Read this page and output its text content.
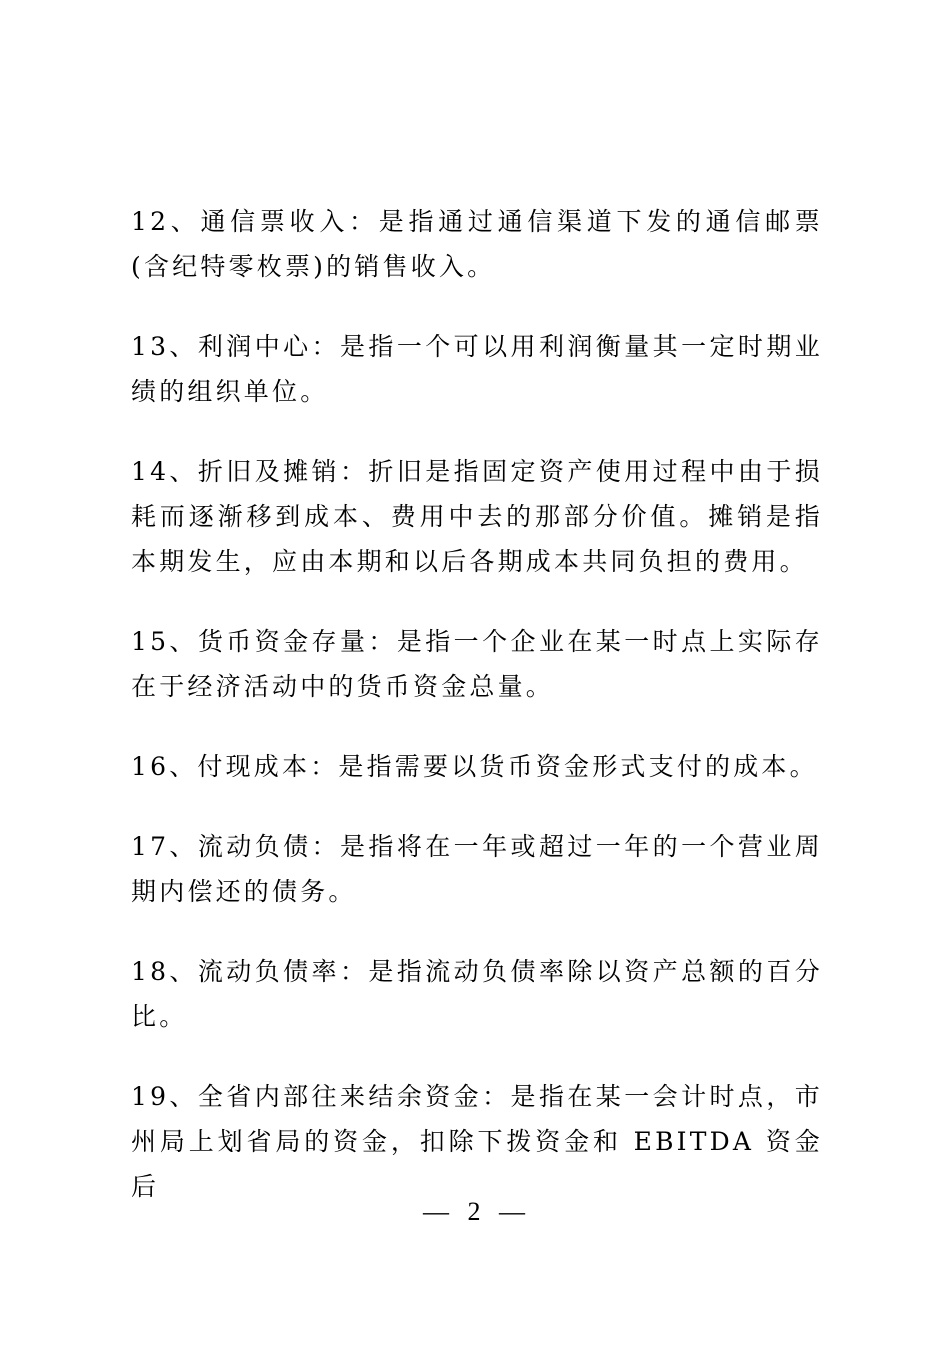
12、通信票收入：是指通过通信渠道下发的通信邮票(含纪特零枚票)的销售收入。

13、利润中心：是指一个可以用利润衡量其一定时期业绩的组织单位。

14、折旧及摊销：折旧是指固定资产使用过程中由于损耗而逐渐移到成本、费用中去的那部分价值。摊销是指本期发生，应由本期和以后各期成本共同负担的费用。

15、货币资金存量：是指一个企业在某一时点上实际存在于经济活动中的货币资金总量。

16、付现成本：是指需要以货币资金形式支付的成本。

17、流动负债：是指将在一年或超过一年的一个营业周期内偿还的债务。

18、流动负债率：是指流动负债率除以资产总额的百分比。

19、全省内部往来结余资金：是指在某一会计时点，市州局上划省局的资金，扣除下拨资金和 EBITDA 资金后

— 2 —
